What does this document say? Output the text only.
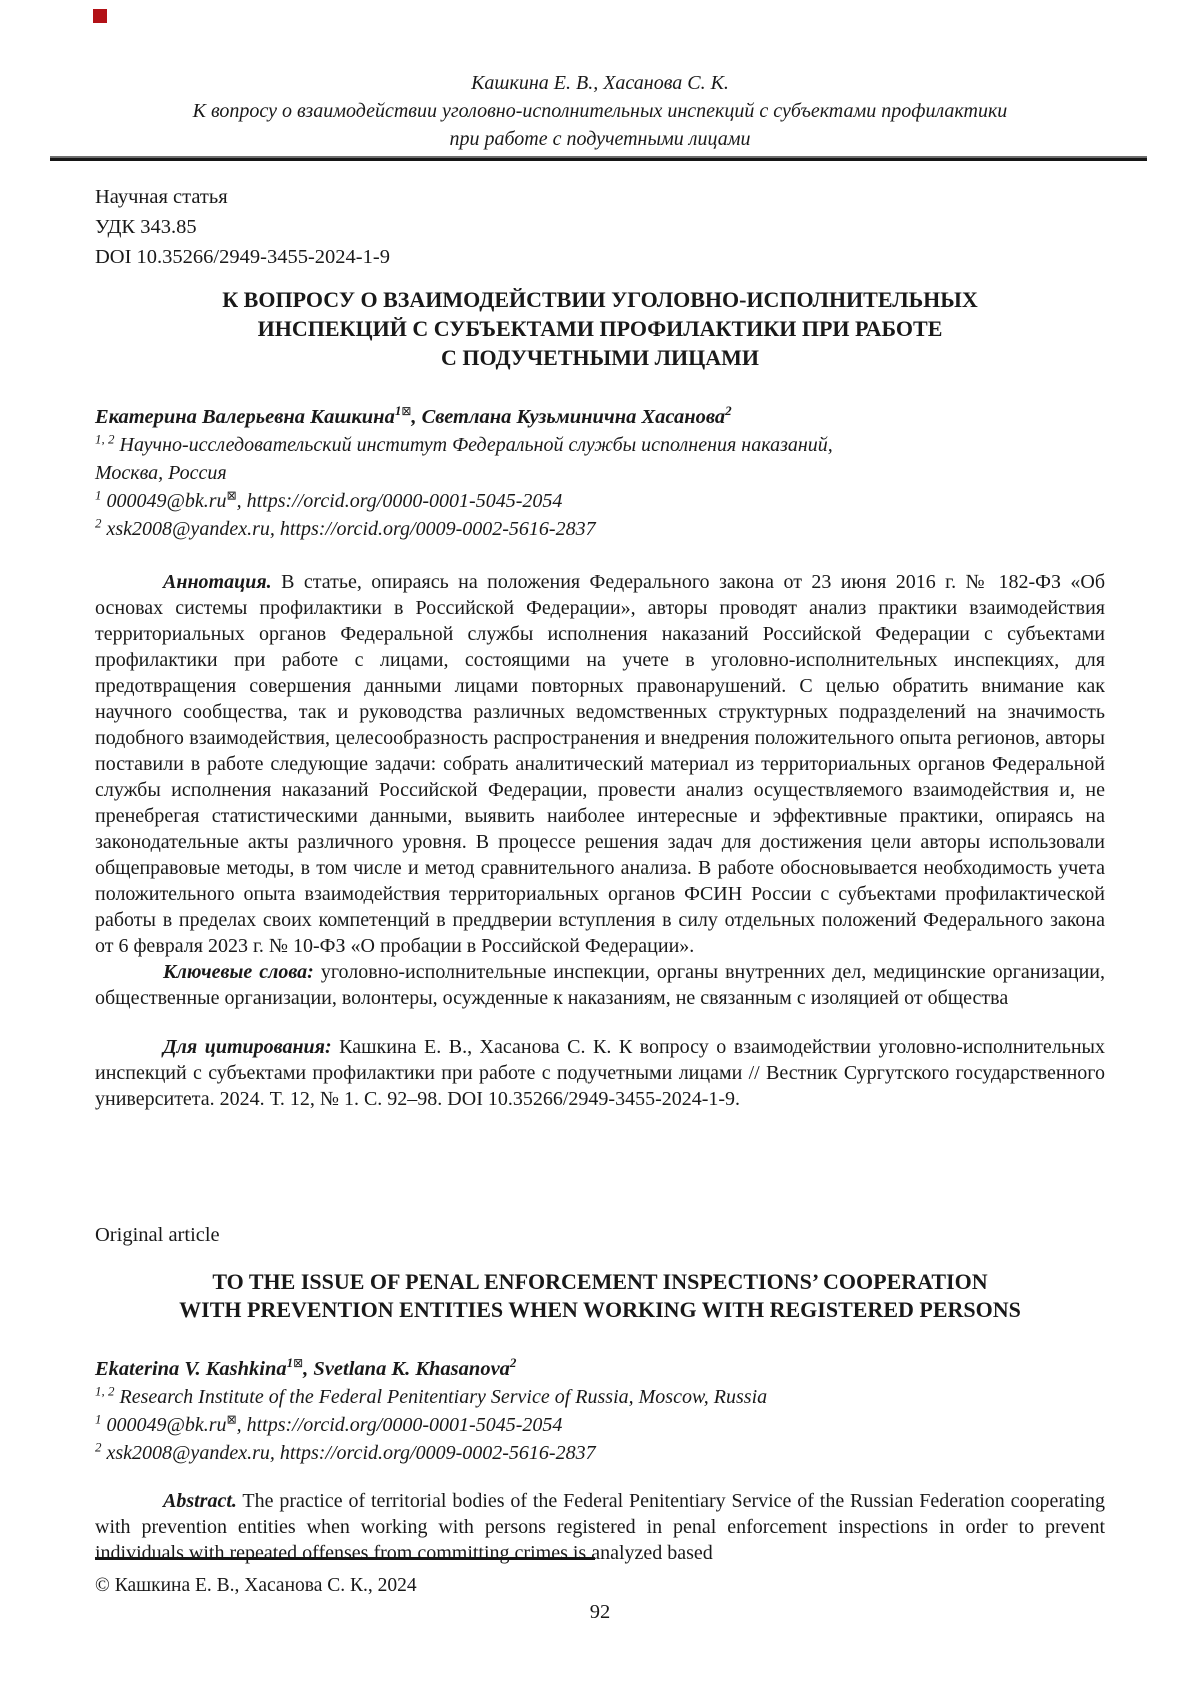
Кашкина Е. В., Хасанова С. К.
К вопросу о взаимодействии уголовно-исполнительных инспекций с субъектами профилактики
при работе с подучетными лицами
Научная статья
УДК 343.85
DOI 10.35266/2949-3455-2024-1-9
К ВОПРОСУ О ВЗАИМОДЕЙСТВИИ УГОЛОВНО-ИСПОЛНИТЕЛЬНЫХ
ИНСПЕКЦИЙ С СУБЪЕКТАМИ ПРОФИЛАКТИКИ ПРИ РАБОТЕ
С ПОДУЧЕТНЫМИ ЛИЦАМИ

Екатерина Валерьевна Кашкина$^{1⊠}$, Светлана Кузьминична Хасанова$^2$

$^{1, 2}$ Научно-исследовательский институт Федеральной службы исполнения наказаний,
Москва, Россия

$^1$ 000049@bk.ru⊠, https://orcid.org/0000-0001-5045-2054

$^2$ xsk2008@yandex.ru, https://orcid.org/0009-0002-5616-2837

Аннотация. В статье, опираясь на положения Федерального закона от 23 июня 2016 г. № 182-ФЗ «Об основах системы профилактики в Российской Федерации», авторы проводят анализ практики взаимодействия территориальных органов Федеральной службы исполнения наказаний Российской Федерации с субъектами профилактики при работе с лицами, состоящими на учете в уголовно-исполнительных инспекциях, для предотвращения совершения данными лицами повторных правонарушений. С целью обратить внимание как научного сообщества, так и руководства различных ведомственных структурных подразделений на значимость подобного взаимодействия, целесообразность распространения и внедрения положительного опыта регионов, авторы поставили в работе следующие задачи: собрать аналитический материал из территориальных органов Федеральной службы исполнения наказаний Российской Федерации, провести анализ осуществляемого взаимодействия и, не пренебрегая статистическими данными, выявить наиболее интересные и эффективные практики, опираясь на законодательные акты различного уровня. В процессе решения задач для достижения цели авторы использовали общеправовые методы, в том числе и метод сравнительного анализа. В работе обосновывается необходимость учета положительного опыта взаимодействия территориальных органов ФСИН России с субъектами профилактической работы в пределах своих компетенций в преддверии вступления в силу отдельных положений Федерального закона от 6 февраля 2023 г. № 10-ФЗ «О пробации в Российской Федерации».

Ключевые слова: уголовно-исполнительные инспекции, органы внутренних дел, медицинские организации, общественные организации, волонтеры, осужденные к наказаниям, не связанным с изоляцией от общества

Для цитирования: Кашкина Е. В., Хасанова С. К. К вопросу о взаимодействии уголовно-исполнительных инспекций с субъектами профилактики при работе с подучетными лицами // Вестник Сургутского государственного университета. 2024. Т. 12, № 1. С. 92–98. DOI 10.35266/2949-3455-2024-1-9.

Original article

TO THE ISSUE OF PENAL ENFORCEMENT INSPECTIONS’ COOPERATION
WITH PREVENTION ENTITIES WHEN WORKING WITH REGISTERED PERSONS

Ekaterina V. Kashkina$^{1⊠}$, Svetlana K. Khasanova$^2$

$^{1, 2}$ Research Institute of the Federal Penitentiary Service of Russia, Moscow, Russia

$^1$ 000049@bk.ru⊠, https://orcid.org/0000-0001-5045-2054

$^2$ xsk2008@yandex.ru, https://orcid.org/0009-0002-5616-2837

Abstract. The practice of territorial bodies of the Federal Penitentiary Service of the Russian Federation cooperating with prevention entities when working with persons registered in penal enforcement inspections in order to prevent individuals with repeated offenses from committing crimes is analyzed based

© Кашкина Е. В., Хасанова С. К., 2024
92
